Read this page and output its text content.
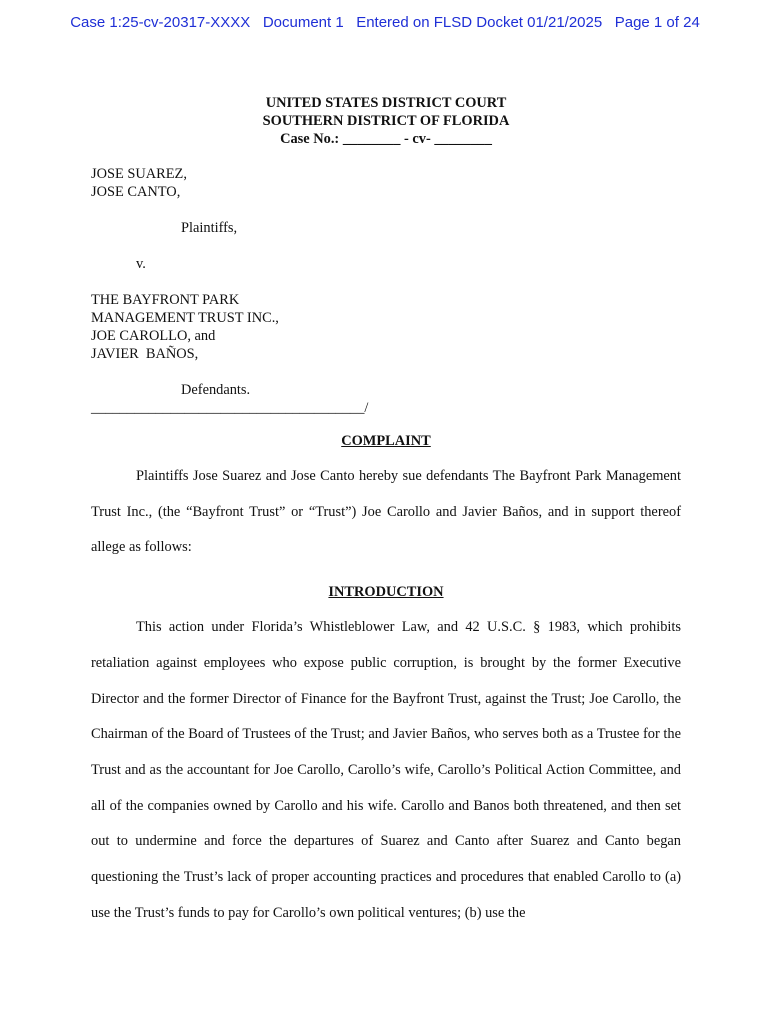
Case 1:25-cv-20317-XXXX Document 1 Entered on FLSD Docket 01/21/2025 Page 1 of 24
UNITED STATES DISTRICT COURT
SOUTHERN DISTRICT OF FLORIDA
Case No.: ________ - cv- ________
JOSE SUAREZ,
JOSE CANTO,
Plaintiffs,
v.
THE BAYFRONT PARK
MANAGEMENT TRUST INC.,
JOE CAROLLO, and
JAVIER  BAÑOS,
Defendants.
______________________________________/
COMPLAINT
Plaintiffs Jose Suarez and Jose Canto hereby sue defendants The Bayfront Park Management Trust Inc., (the “Bayfront Trust” or “Trust”) Joe Carollo and Javier Baños, and in support thereof allege as follows:
INTRODUCTION
This action under Florida’s Whistleblower Law, and 42 U.S.C. § 1983, which prohibits retaliation against employees who expose public corruption, is brought by the former Executive Director and the former Director of Finance for the Bayfront Trust, against the Trust; Joe Carollo, the Chairman of the Board of Trustees of the Trust; and Javier Baños, who serves both as a Trustee for the Trust and as the accountant for Joe Carollo, Carollo’s wife, Carollo’s Political Action Committee, and all of the companies owned by Carollo and his wife. Carollo and Banos both threatened, and then set out to undermine and force the departures of Suarez and Canto after Suarez and Canto began questioning the Trust’s lack of proper accounting practices and procedures that enabled Carollo to (a) use the Trust’s funds to pay for Carollo’s own political ventures; (b) use the
